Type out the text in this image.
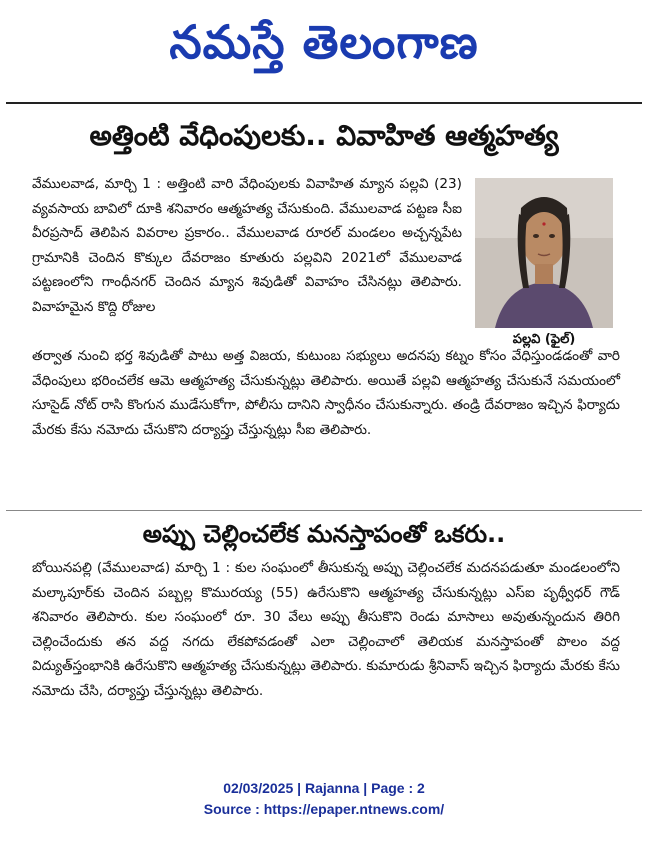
నమస్తే తెలంగాణ
అత్తింటి వేధింపులకు.. వివాహిత ఆత్మహత్య

వేములవాడ, మార్చి 1 : అత్తింటి వారి వేధింపులకు వివాహిత మ్యాన పల్లవి (23) వ్యవసాయ బావిలో దూకి శనివారం ఆత్మహత్య చేసుకుంది. వేములవాడ పట్టణ సీఐ వీరప్రసాద్ తెలిపిన వివరాల ప్రకారం.. వేములవాడ రూరల్ మండలం అచ్చన్నపేట గ్రామానికి చెందిన కొక్కుల దేవరాజం కూతురు పల్లవిని 2021లో వేములవాడ పట్టణంలోని గాంధీనగర్ చెందిన మ్యాన శివుడితో వివాహం చేసినట్లు తెలిపారు. వివాహమైన కొద్ది రోజుల

పల్లవి (ఫైల్)

తర్వాత నుంచి భర్త శివుడితో పాటు అత్త విజయ, కుటుంబ సభ్యులు అదనపు కట్నం కోసం వేధిస్తుండడంతో వారి వేధింపులు భరించలేక ఆమె ఆత్మహత్య చేసుకున్నట్లు తెలిపారు. అయితే పల్లవి ఆత్మహత్య చేసుకునే సమయంలో సూసైడ్ నోట్ రాసి కొంగున ముడేసుకోగా, పోలీసు దానిని స్వాధీనం చేసుకున్నారు. తండ్రి దేవరాజం ఇచ్చిన ఫిర్యాదు మేరకు కేసు నమోదు చేసుకొని దర్యాప్తు చేస్తున్నట్లు సీఐ తెలిపారు.

అప్పు చెల్లించలేక మనస్తాపంతో ఒకరు..

బోయినపల్లి (వేములవాడ) మార్చి 1 : కుల సంఘంలో తీసుకున్న అప్పు చెల్లించలేక మదనపడుతూ మండలంలోని మల్కాపూర్‌కు చెందిన పబ్బల్ల కొమురయ్య (55) ఉరేసుకొని ఆత్మహత్య చేసుకున్నట్లు ఎస్ఐ పృథ్వీధర్ గౌడ్ శనివారం తెలిపారు. కుల సంఘంలో రూ. 30 వేలు అప్పు తీసుకొని రెండు మాసాలు అవుతున్నందున తిరిగి చెల్లించేందుకు తన వద్ద నగదు లేకపోవడంతో ఎలా చెల్లించాలో తెలియక మనస్తాపంతో పొలం వద్ద విద్యుత్‌స్తంభానికి ఉరేసుకొని ఆత్మహత్య చేసుకున్నట్లు తెలిపారు. కుమారుడు శ్రీనివాస్ ఇచ్చిన ఫిర్యాదు మేరకు కేసు నమోదు చేసి, దర్యాప్తు చేస్తున్నట్లు తెలిపారు.

02/03/2025 | Rajanna | Page : 2
Source : https://epaper.ntnews.com/
